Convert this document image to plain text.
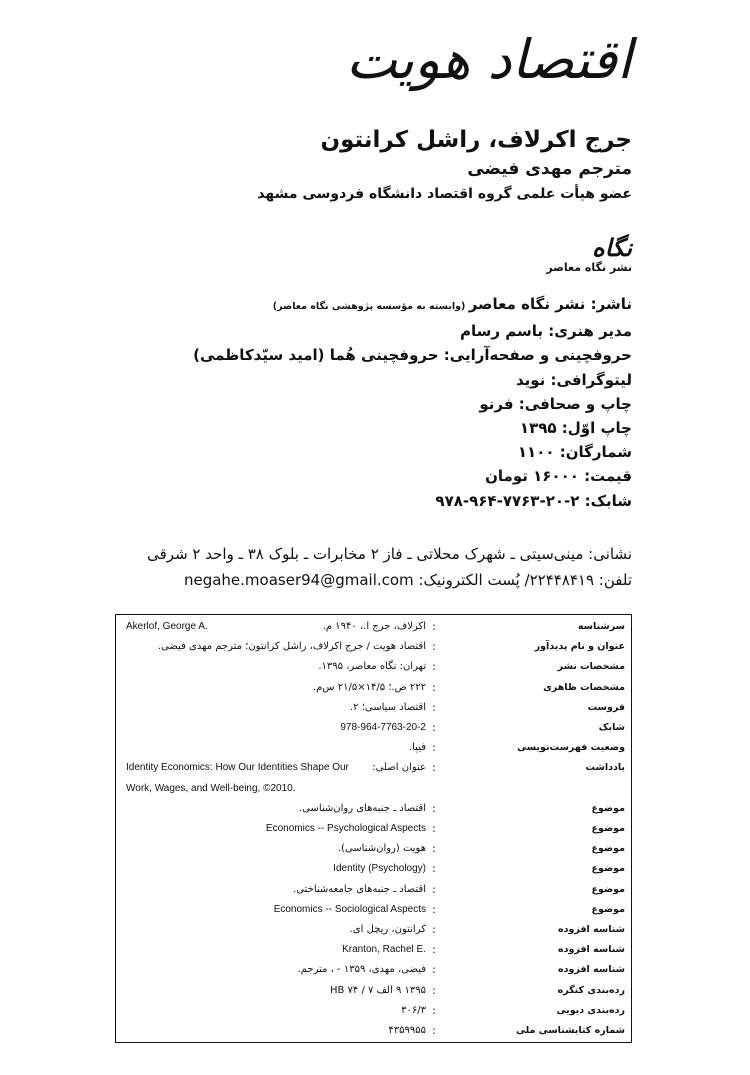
اقتصاد هویت
جرج اکرلاف، راشل کرانتون
مترجم مهدی فیضی
عضو هیأت علمی گروه اقتصاد دانشگاه فردوسی مشهد
نگاه
نشر نگاه معاصر
ناشر: نشر نگاه معاصر (وابسته به مؤسسه پژوهشی نگاه معاصر)
مدیر هنری: باسم رسام
حروفچینی و صفحه‌آرایی: حروفچینی هُما (امید سیّدکاظمی)
لیتوگرافی: نوید
چاپ و صحافی: فرنو
چاپ اوّل: ۱۳۹۵
شمارگان: ۱۱۰۰
قیمت: ۱۶۰۰۰ تومان
شابک: ۲-۲۰-۷۷۶۳-۹۶۴-۹۷۸
نشانی: مینی‌سیتی ـ شهرک محلاتی ـ فاز ۲ مخابرات ـ بلوک ۳۸ ـ واحد ۲ شرقی
تلفن: ۲۲۴۴۸۴۱۹/ پُست الکترونیک: negahe.moaser94@gmail.com
سرشناسه
:
اکرلاف، جرج ا.، ۱۹۴۰ م.
Akerlof, George A.
عنوان و نام پدیدآور
:
اقتصاد هویت / جرج اکرلاف، راشل کرانتون؛ مترجم مهدی فیضی.
مشخصات نشر
:
تهران: نگاه معاصر، ۱۳۹۵.
مشخصات ظاهری
:
۲۲۲ ص.؛ ۱۴/۵×۲۱/۵ س‌م.
فروست
:
اقتصاد سیاسی؛ ۲.
شابک
:
978-964-7763-20-2
وضعیت فهرست‌نویسی
:
فیپا.
یادداشت
:
عنوان اصلی:
Identity Economics: How Our Identities Shape Our
Work, Wages, and Well-being, ©2010.
موضوع
:
اقتصاد ـ جنبه‌های روان‌شناسی.
موضوع
:
Economics -- Psychological Aspects
موضوع
:
هویت (روان‌شناسی).
موضوع
:
Identity (Psychology)
موضوع
:
اقتصاد ـ جنبه‌های جامعه‌شناختی.
موضوع
:
Economics -- Sociological Aspects
شناسه افزوده
:
کرانتون، ریچل ای.
شناسه افزوده
:
Kranton, Rachel E.
شناسه افزوده
:
فیضی، مهدی، ۱۳۵۹ - ، مترجم.
رده‌بندی کنگره
:
۱۳۹۵ ۹ الف ۷ / HB ۷۴
رده‌بندی دیویی
:
۳۰۶/۳
شماره کتابشناسی ملی
:
۴۳۵۹۹۵۵
